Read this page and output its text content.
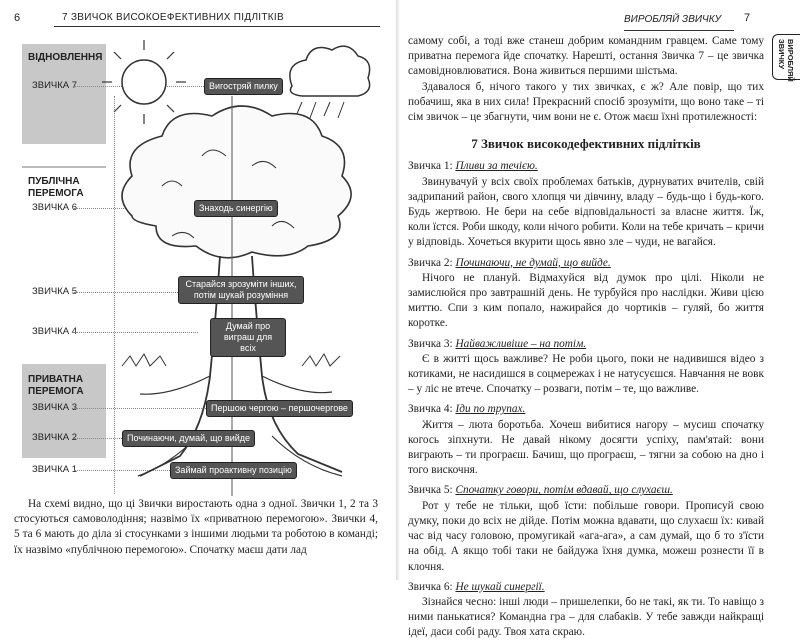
6	7 ЗВИЧОК ВИСОКОЕФЕКТИВНИХ ПІДЛІТКІВ
ВІДНОВЛЕННЯ
ПУБЛІЧНА
ПЕРЕМОГА
ПРИВАТНА
ПЕРЕМОГА
ЗВИЧКА 7
ЗВИЧКА 6
ЗВИЧКА 5
ЗВИЧКА 4
ЗВИЧКА 3
ЗВИЧКА 2
ЗВИЧКА 1
Вигостряй пилку
Знаходь синергію
Старайся зрозуміти інших, потім шукай розуміння
Думай про виграш для всіх
Першою чергою – першочергове
Починаючи, думай, що вийде
Займай проактивну позицію

На схемі видно, що ці Звички виростають одна з одної. Звички 1, 2 та 3 стосуються самоволодіння; назвімо їх «приватною перемогою». Звички 4, 5 та 6 мають до діла зі стосунками з іншими людьми та роботою в команді; їх назвімо «публічною перемогою». Спочатку маєш дати лад

ВИРОБЛЯЙ ЗВИЧКУ 7
ВИРОБЛЯЙ ЗВИЧКУ

самому собі, а тоді вже станеш добрим командним гравцем. Саме тому приватна перемога йде спочатку. Нарешті, остання Звичка 7 – це звичка самовідновлюватися. Вона живиться першими шістьма.

Здавалося б, нічого такого у тих звичках, є ж? Але повір, що тих побачиш, яка в них сила! Прекрасний спосіб зрозуміти, що воно таке – ті сім звичок – це збагнути, чим вони не є. Отож маєш їхні протилежності:

7 Звичок високодефективних підлітків
Звичка 1: Пливи за течією.

Звинувачуй у всіх своїх проблемах батьків, дурнуватих вчителів, свій задрипаний район, свого хлопця чи дівчину, владу – будь-що і будь-кого. Будь жертвою. Не бери на себе відповідальності за власне життя. Їж, коли їстся. Роби шкоду, коли нічого робити. Коли на тебе кричать – кричи у відповідь. Хочеться вкурити щось явно зле – чуди, не вагайся.

Звичка 2: Починаючи, не думай, що вийде.

Нічого не плануй. Відмахуйся від думок про цілі. Ніколи не замислюйся про завтрашній день. Не турбуйся про наслідки. Живи цією миттю. Спи з ким попало, нажирайся до чортиків – гуляй, бо життя коротке.

Звичка 3: Найважливіше – на потім.

Є в житті щось важливе? Не роби цього, поки не надивишся відео з котиками, не насидишся в соцмережах і не натусуєшся. Навчання не вовк – у ліс не втече. Спочатку – розваги, потім – те, що важливе.

Звичка 4: Іди по трупах.

Життя – люта боротьба. Хочеш вибитися нагору – мусиш спочатку когось зіпхнути. Не давай нікому досягти успіху, пам'ятай: вони виграють – ти програєш. Бачиш, що програєш, – тягни за собою на дно і того вискочня.

Звичка 5: Спочатку говори, потім вдавай, що слухаєш.

Рот у тебе не тільки, щоб їсти: побільше говори. Прописуй свою думку, поки до всіх не дійде. Потім можна вдавати, що слухаєш їх: кивай час від часу головою, промугикай «ага-ага», а сам думай, що б то з'їсти на обід. А якщо тобі таки не байдужа їхня думка, можеш рознести її в клочня.

Звичка 6: Не шукай синергії.

Зізнайся чесно: інші люди – пришелепки, бо не такі, як ти. То навіщо з ними панькатися? Командна гра – для слабаків. У тебе завжди найкращі ідеї, даси собі раду. Твоя хата скраю.
